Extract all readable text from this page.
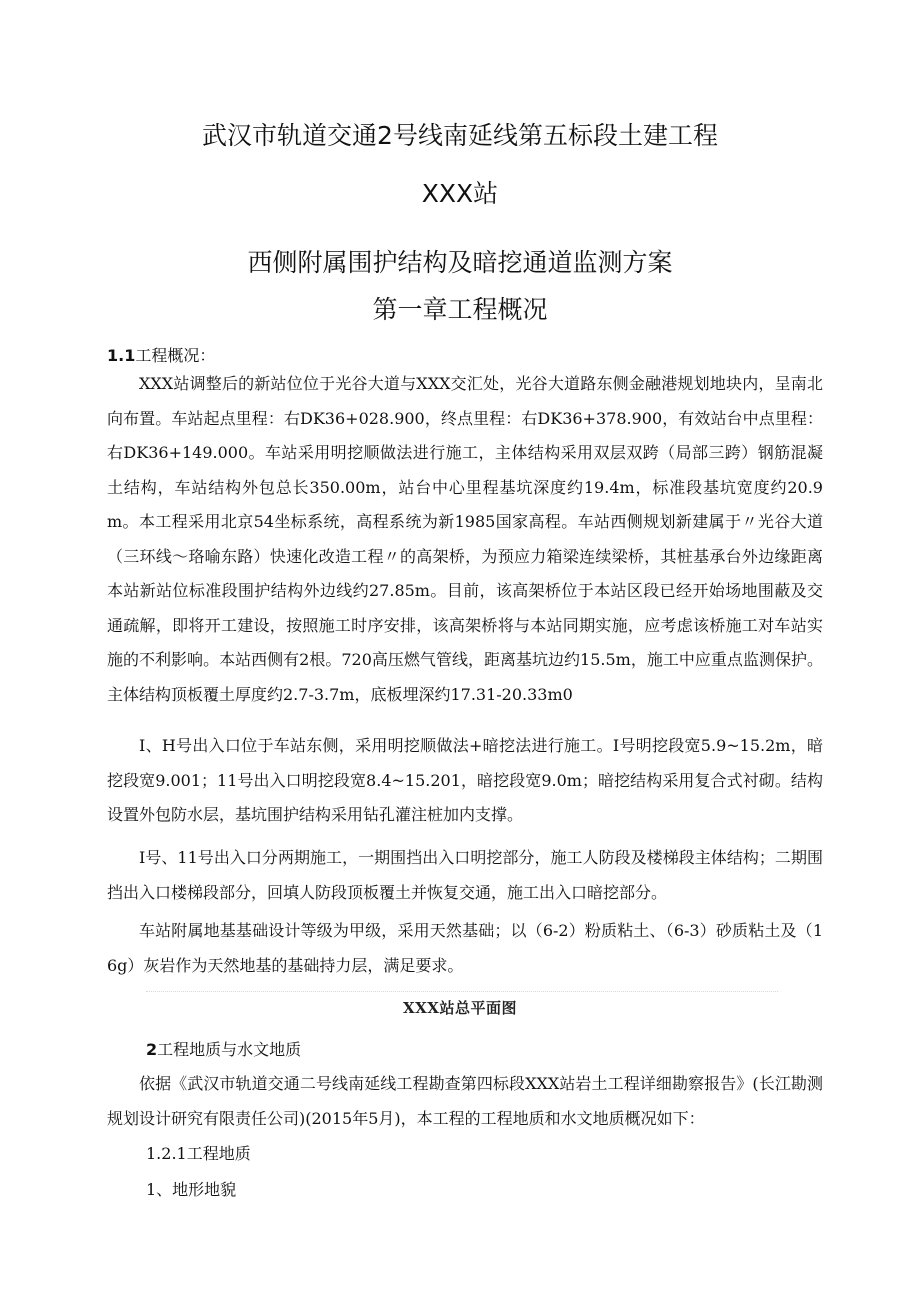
武汉市轨道交通2号线南延线第五标段土建工程
XXX站
西侧附属围护结构及暗挖通道监测方案
第一章工程概况
1.1工程概况：
XXX站调整后的新站位位于光谷大道与XXX交汇处，光谷大道路东侧金融港规划地块内，呈南北向布置。车站起点里程：右DK36+028.900，终点里程：右DK36+378.900，有效站台中点里程：右DK36+149.000。车站采用明挖顺做法进行施工，主体结构采用双层双跨（局部三跨）钢筋混凝土结构，车站结构外包总长350.00m，站台中心里程基坑深度约19.4m，标准段基坑宽度约20.9m。本工程采用北京54坐标系统，高程系统为新1985国家高程。车站西侧规划新建属于〃光谷大道（三环线～珞喻东路）快速化改造工程〃的高架桥，为预应力箱梁连续梁桥，其桩基承台外边缘距离本站新站位标准段围护结构外边线约27.85m。目前，该高架桥位于本站区段已经开始场地围蔽及交通疏解，即将开工建设，按照施工时序安排，该高架桥将与本站同期实施，应考虑该桥施工对车站实施的不利影响。本站西侧有2根。720高压燃气管线，距离基坑边约15.5m，施工中应重点监测保护。主体结构顶板覆土厚度约2.7-3.7m，底板埋深约17.31-20.33m0
Ⅰ、H号出入口位于车站东侧，采用明挖顺做法+暗挖法进行施工。I号明挖段宽5.9~15.2m，暗挖段宽9.001；11号出入口明挖段宽8.4~15.201，暗挖段宽9.0m；暗挖结构采用复合式衬砌。结构设置外包防水层，基坑围护结构采用钻孔灌注桩加内支撑。
Ⅰ号、11号出入口分两期施工，一期围挡出入口明挖部分，施工人防段及楼梯段主体结构；二期围挡出入口楼梯段部分，回填人防段顶板覆土并恢复交通，施工出入口暗挖部分。
车站附属地基基础设计等级为甲级，采用天然基础；以（6-2）粉质粘土、（6-3）砂质粘土及（16g）灰岩作为天然地基的基础持力层，满足要求。
XXX站总平面图
2工程地质与水文地质
依据《武汉市轨道交通二号线南延线工程勘查第四标段XXX站岩土工程详细勘察报告》(长江勘测规划设计研究有限责任公司)(2015年5月)，本工程的工程地质和水文地质概况如下：
1.2.1工程地质
1、地形地貌
